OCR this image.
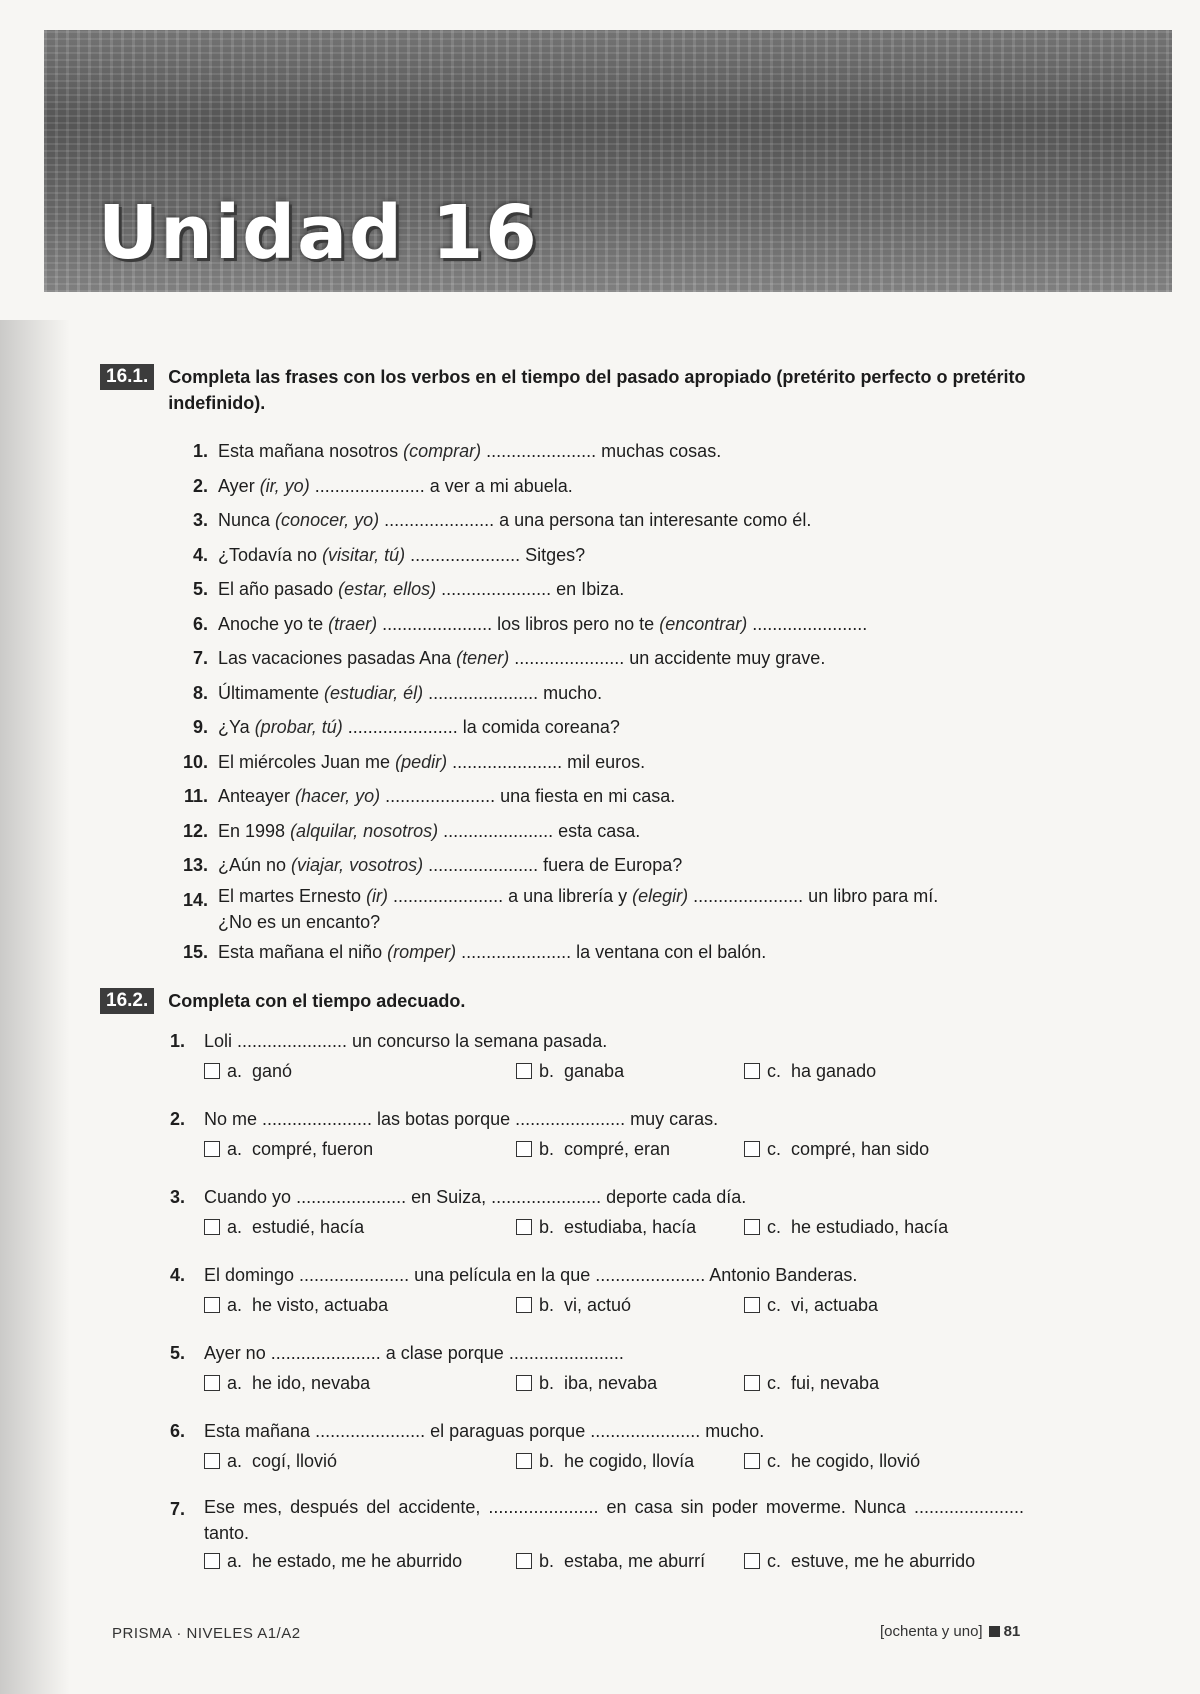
Unidad 16
16.1.	Completa las frases con los verbos en el tiempo del pasado apropiado (pretérito perfecto o pretérito indefinido).
1. Esta mañana nosotros (comprar) ...................... muchas cosas.
2. Ayer (ir, yo) ...................... a ver a mi abuela.
3. Nunca (conocer, yo) ...................... a una persona tan interesante como él.
4. ¿Todavía no (visitar, tú) ...................... Sitges?
5. El año pasado (estar, ellos) ...................... en Ibiza.
6. Anoche yo te (traer) ...................... los libros pero no te (encontrar) .......................
7. Las vacaciones pasadas Ana (tener) ...................... un accidente muy grave.
8. Últimamente (estudiar, él) ...................... mucho.
9. ¿Ya (probar, tú) ...................... la comida coreana?
10. El miércoles Juan me (pedir) ...................... mil euros.
11. Anteayer (hacer, yo) ...................... una fiesta en mi casa.
12. En 1998 (alquilar, nosotros) ...................... esta casa.
13. ¿Aún no (viajar, vosotros) ...................... fuera de Europa?
14. El martes Ernesto (ir) ...................... a una librería y (elegir) ...................... un libro para mí.
¿No es un encanto?
15. Esta mañana el niño (romper) ...................... la ventana con el balón.
16.2.	Completa con el tiempo adecuado.
1.	Loli ...................... un concurso la semana pasada.
a. ganó	b. ganaba	c. ha ganado
2.	No me ...................... las botas porque ...................... muy caras.
a. compré, fueron	b. compré, eran	c. compré, han sido
3.	Cuando yo ...................... en Suiza, ...................... deporte cada día.
a. estudié, hacía	b. estudiaba, hacía	c. he estudiado, hacía
4.	El domingo ...................... una película en la que ...................... Antonio Banderas.
a. he visto, actuaba	b. vi, actuó	c. vi, actuaba
5.	Ayer no ...................... a clase porque .......................
a. he ido, nevaba	b. iba, nevaba	c. fui, nevaba
6.	Esta mañana ...................... el paraguas porque ...................... mucho.
a. cogí, llovió	b. he cogido, llovía	c. he cogido, llovió
7.	Ese mes, después del accidente, ...................... en casa sin poder moverme. Nunca ...................... tanto.
a. he estado, me he aburrido	b. estaba, me aburrí	c. estuve, me he aburrido
PRISMA · NIVELES A1/A2	[ochenta y uno] 81
